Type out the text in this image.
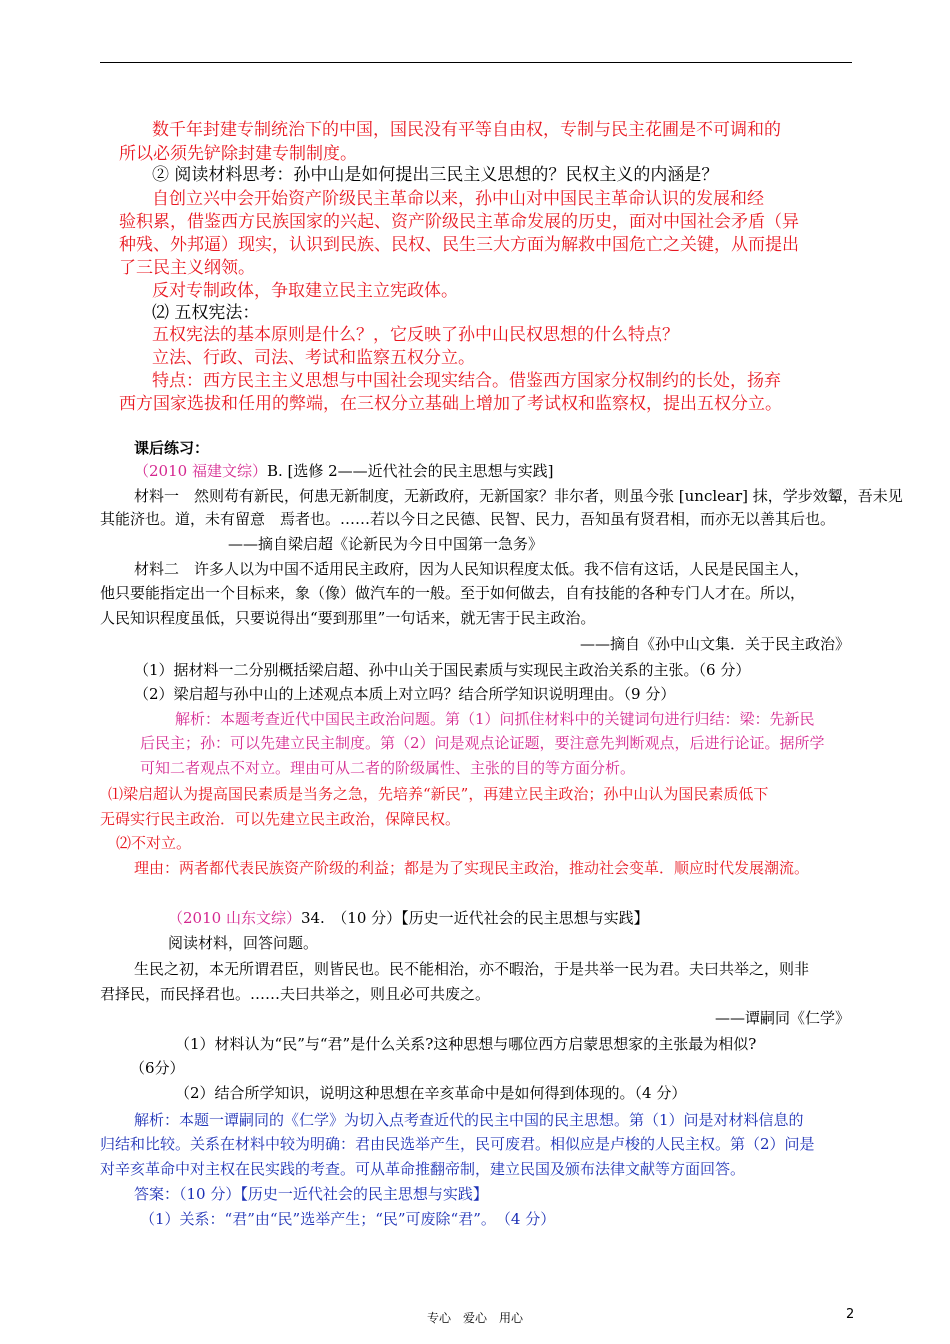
数千年封建专制统治下的中国，国民没有平等自由权，专制与民主花圃是不可调和的
所以必须先铲除封建专制制度。
② 阅读材料思考：孙中山是如何提出三民主义思想的？民权主义的内涵是？
自创立兴中会开始资产阶级民主革命以来，孙中山对中国民主革命认识的发展和经
验积累，借鉴西方民族国家的兴起、资产阶级民主革命发展的历史，面对中国社会矛盾（异
种残、外邦逼）现实，认识到民族、民权、民生三大方面为解救中国危亡之关键，从而提出
了三民主义纲领。
反对专制政体，争取建立民主立宪政体。
⑵ 五权宪法：
五权宪法的基本原则是什么？，它反映了孙中山民权思想的什么特点？
立法、行政、司法、考试和监察五权分立。
特点：西方民主主义思想与中国社会现实结合。借鉴西方国家分权制约的长处，扬弃
西方国家选拔和任用的弊端，在三权分立基础上增加了考试权和监察权，提出五权分立。
课后练习：
（2010 福建文综）B. [选修 2——近代社会的民主思想与实践]
材料一　然则苟有新民，何患无新制度，无新政府，无新国家？非尔者，则虽今张 [unclear] 抹，学步效颦，吾未见
其能济也。道，未有留意　焉者也。……若以今日之民德、民智、民力，吾知虽有贤君相，而亦无以善其后也。
——摘自梁启超《论新民为今日中国第一急务》
材料二　许多人以为中国不适用民主政府，因为人民知识程度太低。我不信有这话，人民是民国主人，
他只要能指定出一个目标来，象（像）做汽车的一般。至于如何做去，自有技能的各种专门人才在。所以，
人民知识程度虽低，只要说得出“要到那里”一句话来，就无害于民主政治。
——摘自《孙中山文集．关于民主政治》
（1）据材料一二分别概括梁启超、孙中山关于国民素质与实现民主政治关系的主张。（6 分）
（2）梁启超与孙中山的上述观点本质上对立吗？结合所学知识说明理由。（9 分）
解析：本题考查近代中国民主政治问题。第（1）问抓住材料中的关键词句进行归结：梁：先新民
后民主；孙：可以先建立民主制度。第（2）问是观点论证题，要注意先判断观点，后进行论证。据所学
可知二者观点不对立。理由可从二者的阶级属性、主张的目的等方面分析。
⑴梁启超认为提高国民素质是当务之急，先培养“新民”，再建立民主政治；孙中山认为国民素质低下
无碍实行民主政治．可以先建立民主政治，保障民权。
⑵不对立。
理由：两者都代表民族资产阶级的利益；都是为了实现民主政治，推动社会变革．顺应时代发展潮流。
（2010 山东文综）34.　（10 分）【历史一近代社会的民主思想与实践】
阅读材料，回答问题。
生民之初，本无所谓君臣，则皆民也。民不能相治，亦不暇治，于是共举一民为君。夫曰共举之，则非
君择民，而民择君也。……夫曰共举之，则且必可共废之。
——谭嗣同《仁学》
（1）材料认为“民”与“君”是什么关系?这种思想与哪位西方启蒙思想家的主张最为相似?
（6分）
（2）结合所学知识，说明这种思想在辛亥革命中是如何得到体现的。（4 分）
解析：本题一谭嗣同的《仁学》为切入点考查近代的民主中国的民主思想。第（1）问是对材料信息的
归结和比较。关系在材料中较为明确：君由民选举产生，民可废君。相似应是卢梭的人民主权。第（2）问是
对辛亥革命中对主权在民实践的考查。可从革命推翻帝制，建立民国及颁布法律文献等方面回答。
答案：（10 分）【历史一近代社会的民主思想与实践】
（1）关系：“君”由“民”选举产生；“民”可废除“君”。　（4 分）
专心　爱心　用心	2
